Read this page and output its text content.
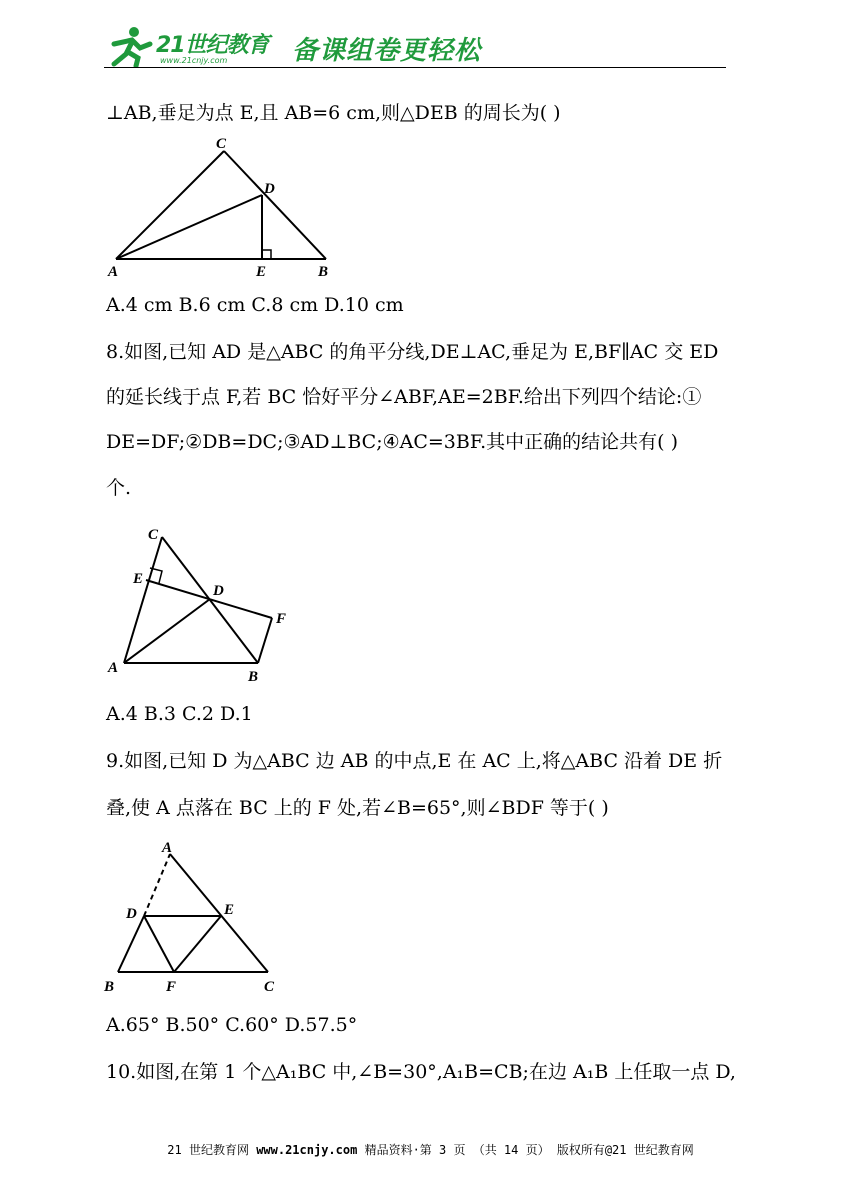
21世纪教育
www.21cnjy.com 备课组卷更轻松
⊥AB,垂足为点 E,且 AB=6 cm,则△DEB 的周长为( )
C
D
A	E	B
A.4 cm B.6 cm C.8 cm D.10 cm
8.如图,已知 AD 是△ABC 的角平分线,DE⊥AC,垂足为 E,BF∥AC 交 ED
的延长线于点 F,若 BC 恰好平分∠ABF,AE=2BF.给出下列四个结论:①
DE=DF;②DB=DC;③AD⊥BC;④AC=3BF.其中正确的结论共有( )
个.
C
E
D
F
A
B
A.4 B.3 C.2 D.1
9.如图,已知 D 为△ABC 边 AB 的中点,E 在 AC 上,将△ABC 沿着 DE 折
叠,使 A 点落在 BC 上的 F 处,若∠B=65°,则∠BDF 等于( )
A
D	E
B	F	C
A.65° B.50° C.60° D.57.5°
10.如图,在第 1 个△A₁BC 中,∠B=30°,A₁B=CB;在边 A₁B 上任取一点 D,
21 世纪教育网 www.21cnjy.com 精品资料·第 3 页 （共 14 页） 版权所有@21 世纪教育网
